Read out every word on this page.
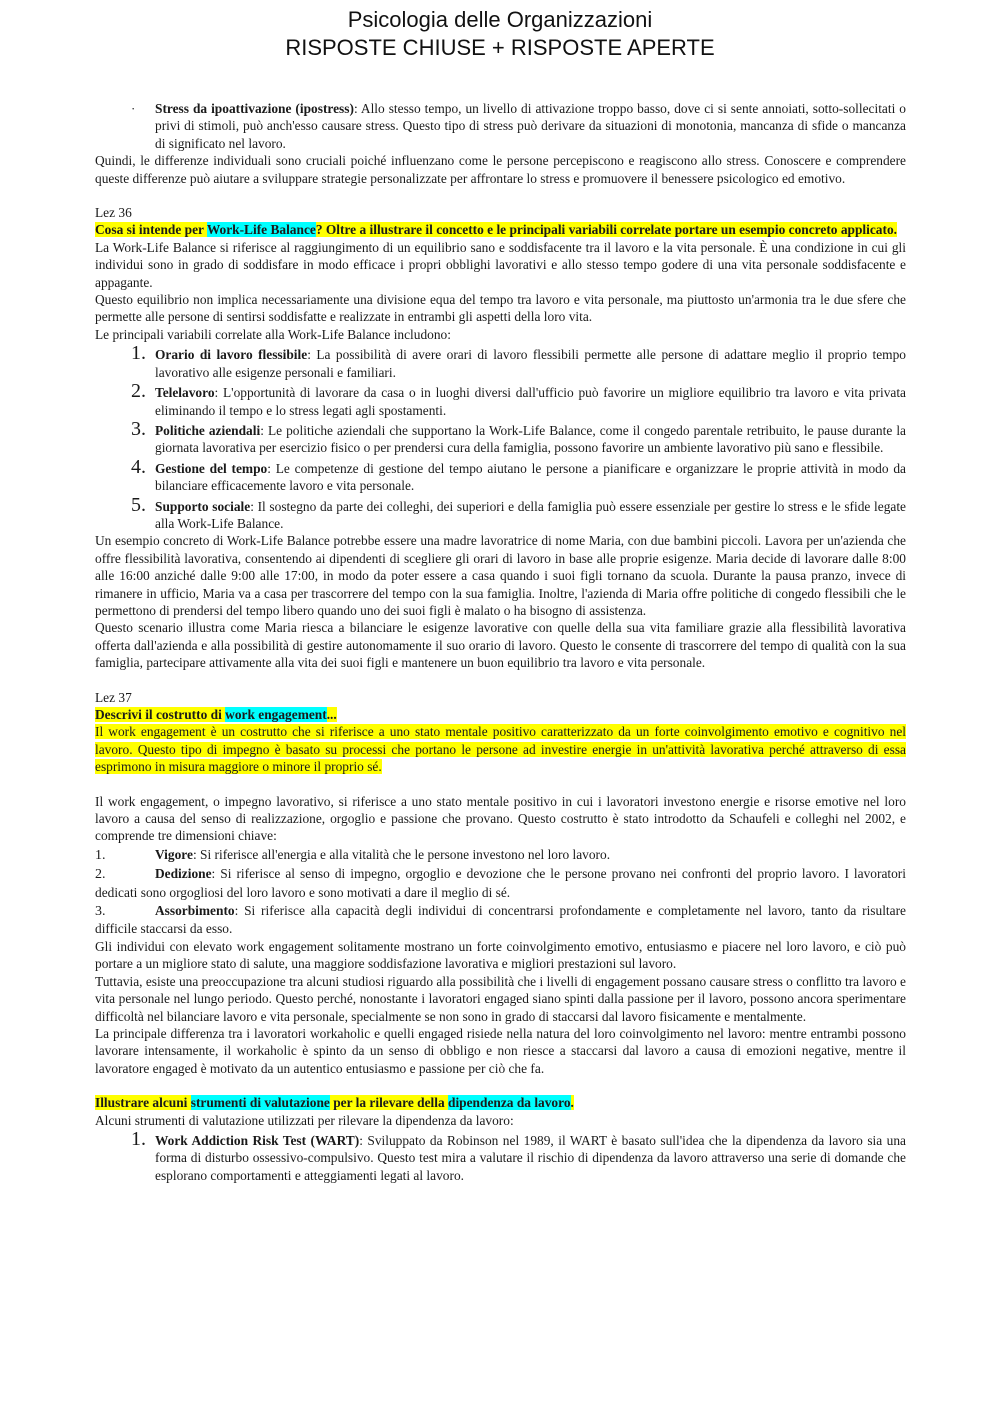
Psicologia delle Organizzazioni
RISPOSTE CHIUSE + RISPOSTE APERTE

· Stress da ipoattivazione (ipostress): Allo stesso tempo, un livello di attivazione troppo basso, dove ci si sente annoiati, sotto-sollecitati o privi di stimoli, può anch'esso causare stress. Questo tipo di stress può derivare da situazioni di monotonia, mancanza di sfide o mancanza di significato nel lavoro.

Quindi, le differenze individuali sono cruciali poiché influenzano come le persone percepiscono e reagiscono allo stress. Conoscere e comprendere queste differenze può aiutare a sviluppare strategie personalizzate per affrontare lo stress e promuovere il benessere psicologico ed emotivo.

Lez 36

Cosa si intende per Work-Life Balance? Oltre a illustrare il concetto e le principali variabili correlate portare un esempio concreto applicato.

La Work-Life Balance si riferisce al raggiungimento di un equilibrio sano e soddisfacente tra il lavoro e la vita personale. È una condizione in cui gli individui sono in grado di soddisfare in modo efficace i propri obblighi lavorativi e allo stesso tempo godere di una vita personale soddisfacente e appagante.

Questo equilibrio non implica necessariamente una divisione equa del tempo tra lavoro e vita personale, ma piuttosto un'armonia tra le due sfere che permette alle persone di sentirsi soddisfatte e realizzate in entrambi gli aspetti della loro vita.

Le principali variabili correlate alla Work-Life Balance includono:

1. Orario di lavoro flessibile: La possibilità di avere orari di lavoro flessibili permette alle persone di adattare meglio il proprio tempo lavorativo alle esigenze personali e familiari.
2. Telelavoro: L'opportunità di lavorare da casa o in luoghi diversi dall'ufficio può favorire un migliore equilibrio tra lavoro e vita privata eliminando il tempo e lo stress legati agli spostamenti.
3. Politiche aziendali: Le politiche aziendali che supportano la Work-Life Balance, come il congedo parentale retribuito, le pause durante la giornata lavorativa per esercizio fisico o per prendersi cura della famiglia, possono favorire un ambiente lavorativo più sano e flessibile.
4. Gestione del tempo: Le competenze di gestione del tempo aiutano le persone a pianificare e organizzare le proprie attività in modo da bilanciare efficacemente lavoro e vita personale.
5. Supporto sociale: Il sostegno da parte dei colleghi, dei superiori e della famiglia può essere essenziale per gestire lo stress e le sfide legate alla Work-Life Balance.

Un esempio concreto di Work-Life Balance potrebbe essere una madre lavoratrice di nome Maria, con due bambini piccoli. Lavora per un'azienda che offre flessibilità lavorativa, consentendo ai dipendenti di scegliere gli orari di lavoro in base alle proprie esigenze. Maria decide di lavorare dalle 8:00 alle 16:00 anziché dalle 9:00 alle 17:00, in modo da poter essere a casa quando i suoi figli tornano da scuola. Durante la pausa pranzo, invece di rimanere in ufficio, Maria va a casa per trascorrere del tempo con la sua famiglia. Inoltre, l'azienda di Maria offre politiche di congedo flessibili che le permettono di prendersi del tempo libero quando uno dei suoi figli è malato o ha bisogno di assistenza.

Questo scenario illustra come Maria riesca a bilanciare le esigenze lavorative con quelle della sua vita familiare grazie alla flessibilità lavorativa offerta dall'azienda e alla possibilità di gestire autonomamente il suo orario di lavoro. Questo le consente di trascorrere del tempo di qualità con la sua famiglia, partecipare attivamente alla vita dei suoi figli e mantenere un buon equilibrio tra lavoro e vita personale.

Lez 37

Descrivi il costrutto di work engagement...

Il work engagement è un costrutto che si riferisce a uno stato mentale positivo caratterizzato da un forte coinvolgimento emotivo e cognitivo nel lavoro. Questo tipo di impegno è basato su processi che portano le persone ad investire energie in un'attività lavorativa perché attraverso di essa esprimono in misura maggiore o minore il proprio sé.

Il work engagement, o impegno lavorativo, si riferisce a uno stato mentale positivo in cui i lavoratori investono energie e risorse emotive nel loro lavoro a causa del senso di realizzazione, orgoglio e passione che provano. Questo costrutto è stato introdotto da Schaufeli e colleghi nel 2002, e comprende tre dimensioni chiave:

1.	Vigore: Si riferisce all'energia e alla vitalità che le persone investono nel loro lavoro.

2.	Dedizione: Si riferisce al senso di impegno, orgoglio e devozione che le persone provano nei confronti del proprio lavoro. I lavoratori dedicati sono orgogliosi del loro lavoro e sono motivati a dare il meglio di sé.

3.	Assorbimento: Si riferisce alla capacità degli individui di concentrarsi profondamente e completamente nel lavoro, tanto da risultare difficile staccarsi da esso.

Gli individui con elevato work engagement solitamente mostrano un forte coinvolgimento emotivo, entusiasmo e piacere nel loro lavoro, e ciò può portare a un migliore stato di salute, una maggiore soddisfazione lavorativa e migliori prestazioni sul lavoro.

Tuttavia, esiste una preoccupazione tra alcuni studiosi riguardo alla possibilità che i livelli di engagement possano causare stress o conflitto tra lavoro e vita personale nel lungo periodo. Questo perché, nonostante i lavoratori engaged siano spinti dalla passione per il lavoro, possono ancora sperimentare difficoltà nel bilanciare lavoro e vita personale, specialmente se non sono in grado di staccarsi dal lavoro fisicamente e mentalmente.

La principale differenza tra i lavoratori workaholic e quelli engaged risiede nella natura del loro coinvolgimento nel lavoro: mentre entrambi possono lavorare intensamente, il workaholic è spinto da un senso di obbligo e non riesce a staccarsi dal lavoro a causa di emozioni negative, mentre il lavoratore engaged è motivato da un autentico entusiasmo e passione per ciò che fa.

Illustrare alcuni strumenti di valutazione per la rilevare della dipendenza da lavoro.

Alcuni strumenti di valutazione utilizzati per rilevare la dipendenza da lavoro:

1. Work Addiction Risk Test (WART): Sviluppato da Robinson nel 1989, il WART è basato sull'idea che la dipendenza da lavoro sia una forma di disturbo ossessivo-compulsivo. Questo test mira a valutare il rischio di dipendenza da lavoro attraverso una serie di domande che esplorano comportamenti e atteggiamenti legati al lavoro.
